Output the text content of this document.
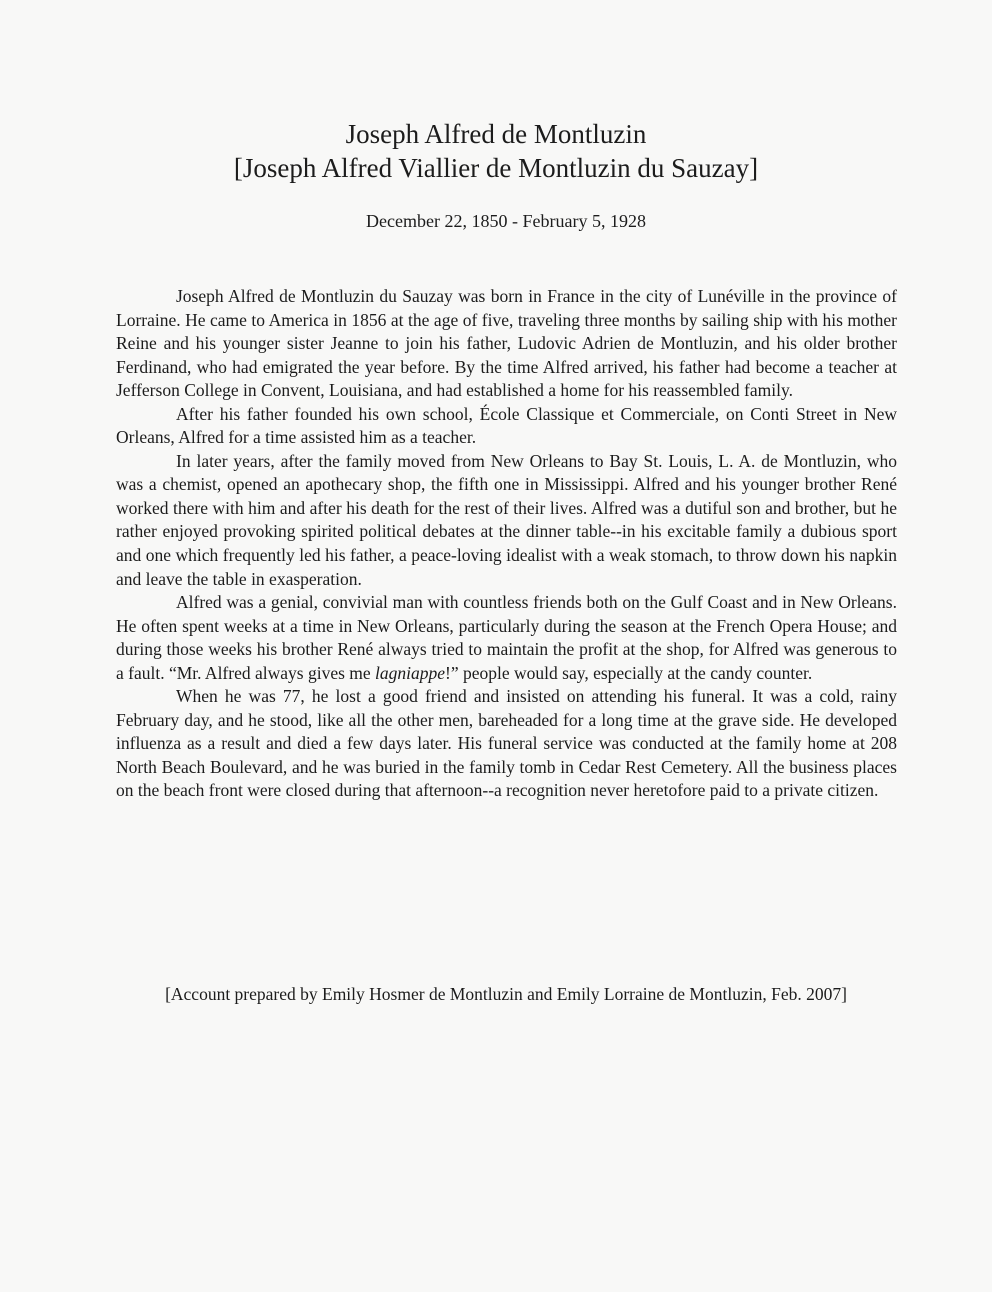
Joseph Alfred de Montluzin
[Joseph Alfred Viallier de Montluzin du Sauzay]
December 22, 1850 - February 5, 1928

Joseph Alfred de Montluzin du Sauzay was born in France in the city of Lunéville in the province of Lorraine. He came to America in 1856 at the age of five, traveling three months by sailing ship with his mother Reine and his younger sister Jeanne to join his father, Ludovic Adrien de Montluzin, and his older brother Ferdinand, who had emigrated the year before. By the time Alfred arrived, his father had become a teacher at Jefferson College in Convent, Louisiana, and had established a home for his reassembled family.

After his father founded his own school, École Classique et Commerciale, on Conti Street in New Orleans, Alfred for a time assisted him as a teacher.

In later years, after the family moved from New Orleans to Bay St. Louis, L. A. de Montluzin, who was a chemist, opened an apothecary shop, the fifth one in Mississippi. Alfred and his younger brother René worked there with him and after his death for the rest of their lives. Alfred was a dutiful son and brother, but he rather enjoyed provoking spirited political debates at the dinner table--in his excitable family a dubious sport and one which frequently led his father, a peace-loving idealist with a weak stomach, to throw down his napkin and leave the table in exasperation.

Alfred was a genial, convivial man with countless friends both on the Gulf Coast and in New Orleans. He often spent weeks at a time in New Orleans, particularly during the season at the French Opera House; and during those weeks his brother René always tried to maintain the profit at the shop, for Alfred was generous to a fault. “Mr. Alfred always gives me lagniappe!” people would say, especially at the candy counter.

When he was 77, he lost a good friend and insisted on attending his funeral. It was a cold, rainy February day, and he stood, like all the other men, bareheaded for a long time at the grave side. He developed influenza as a result and died a few days later. His funeral service was conducted at the family home at 208 North Beach Boulevard, and he was buried in the family tomb in Cedar Rest Cemetery. All the business places on the beach front were closed during that afternoon--a recognition never heretofore paid to a private citizen.

[Account prepared by Emily Hosmer de Montluzin and Emily Lorraine de Montluzin, Feb. 2007]
